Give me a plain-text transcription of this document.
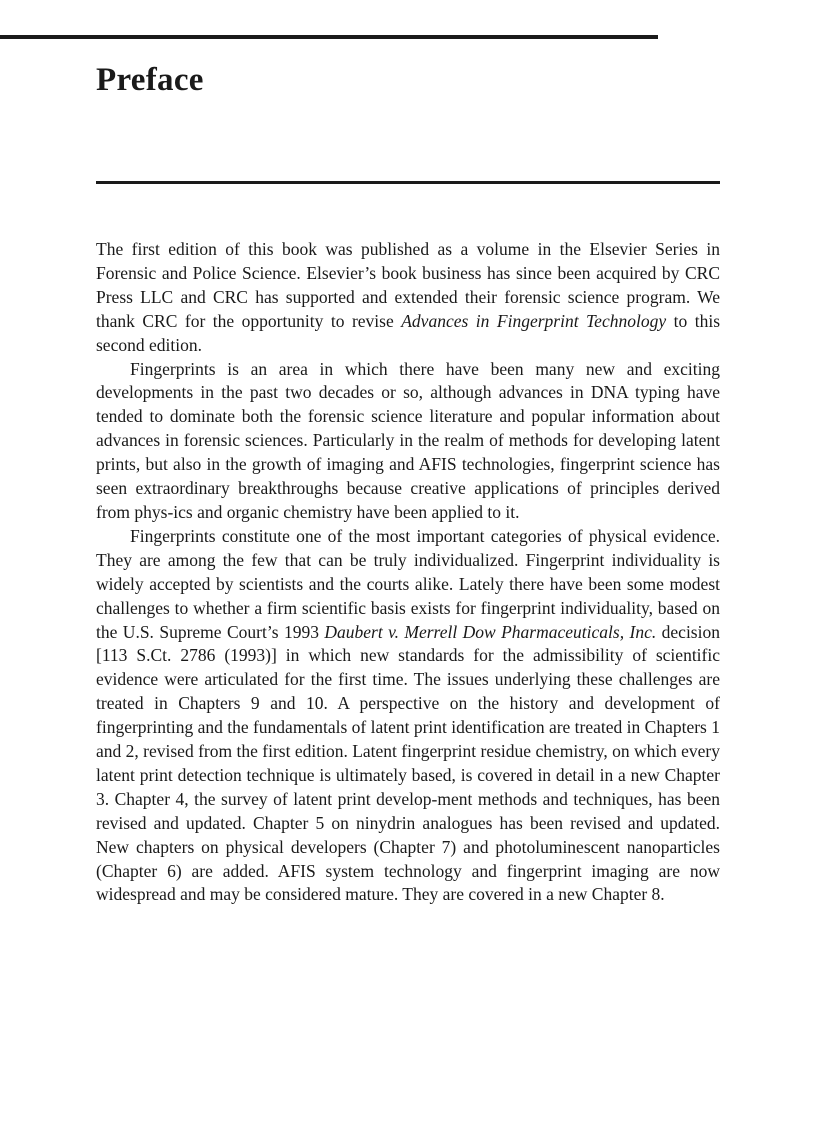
Preface

The first edition of this book was published as a volume in the Elsevier Series in Forensic and Police Science. Elsevier’s book business has since been acquired by CRC Press LLC and CRC has supported and extended their forensic science program. We thank CRC for the opportunity to revise Advances in Fingerprint Technology to this second edition.

Fingerprints is an area in which there have been many new and exciting developments in the past two decades or so, although advances in DNA typing have tended to dominate both the forensic science literature and popular information about advances in forensic sciences. Particularly in the realm of methods for developing latent prints, but also in the growth of imaging and AFIS technologies, fingerprint science has seen extraordinary breakthroughs because creative applications of principles derived from phys-ics and organic chemistry have been applied to it.

Fingerprints constitute one of the most important categories of physical evidence. They are among the few that can be truly individualized. Fingerprint individuality is widely accepted by scientists and the courts alike. Lately there have been some modest challenges to whether a firm scientific basis exists for fingerprint individuality, based on the U.S. Supreme Court’s 1993 Daubert v. Merrell Dow Pharmaceuticals, Inc. decision [113 S.Ct. 2786 (1993)] in which new standards for the admissibility of scientific evidence were articulated for the first time. The issues underlying these challenges are treated in Chapters 9 and 10. A perspective on the history and development of fingerprinting and the fundamentals of latent print identification are treated in Chapters 1 and 2, revised from the first edition. Latent fingerprint residue chemistry, on which every latent print detection technique is ultimately based, is covered in detail in a new Chapter 3. Chapter 4, the survey of latent print develop-ment methods and techniques, has been revised and updated. Chapter 5 on ninydrin analogues has been revised and updated. New chapters on physical developers (Chapter 7) and photoluminescent nanoparticles (Chapter 6) are added. AFIS system technology and fingerprint imaging are now widespread and may be considered mature. They are covered in a new Chapter 8.
